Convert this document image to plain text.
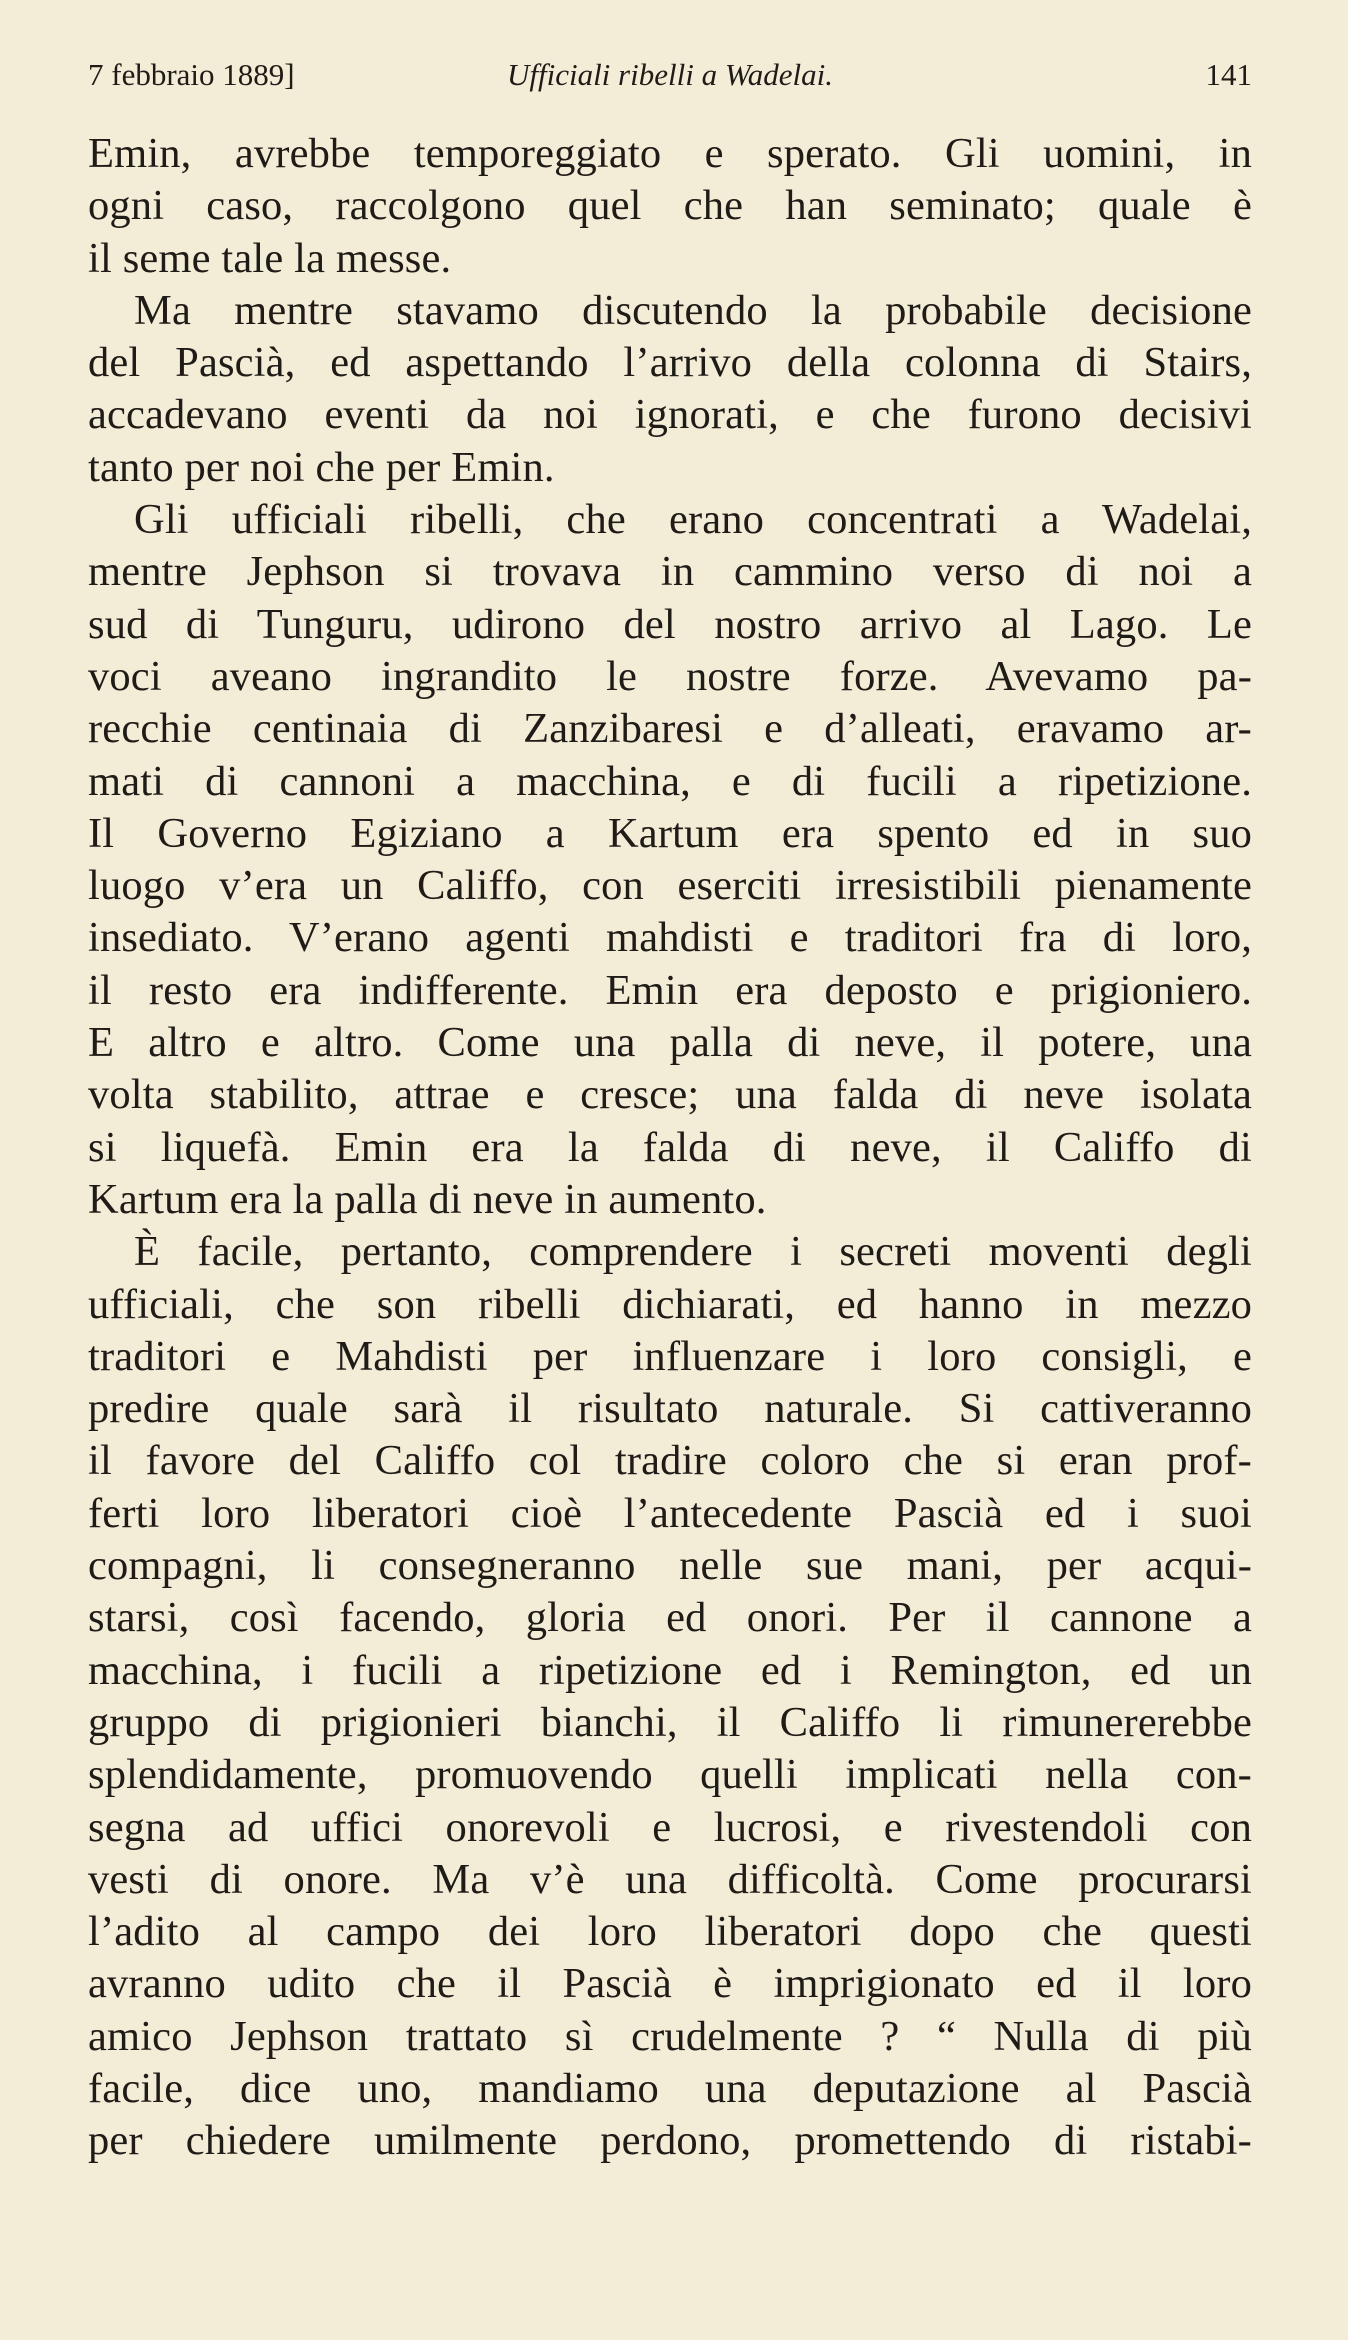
7 febbraio 1889]	Ufficiali ribelli a Wadelai.	141
Emin, avrebbe temporeggiato e sperato. Gli uomini, in
ogni caso, raccolgono quel che han seminato; quale è
il seme tale la messe.
Ma mentre stavamo discutendo la probabile decisione
del Pascià, ed aspettando l’arrivo della colonna di Stairs,
accadevano eventi da noi ignorati, e che furono decisivi
tanto per noi che per Emin.
Gli ufficiali ribelli, che erano concentrati a Wadelai,
mentre Jephson si trovava in cammino verso di noi a
sud di Tunguru, udirono del nostro arrivo al Lago. Le
voci aveano ingrandito le nostre forze. Avevamo pa-
recchie centinaia di Zanzibaresi e d’alleati, eravamo ar-
mati di cannoni a macchina, e di fucili a ripetizione.
Il Governo Egiziano a Kartum era spento ed in suo
luogo v’era un Califfo, con eserciti irresistibili pienamente
insediato. V’erano agenti mahdisti e traditori fra di loro,
il resto era indifferente. Emin era deposto e prigioniero.
E altro e altro. Come una palla di neve, il potere, una
volta stabilito, attrae e cresce; una falda di neve isolata
si liquefà. Emin era la falda di neve, il Califfo di
Kartum era la palla di neve in aumento.
È facile, pertanto, comprendere i secreti moventi degli
ufficiali, che son ribelli dichiarati, ed hanno in mezzo
traditori e Mahdisti per influenzare i loro consigli, e
predire quale sarà il risultato naturale. Si cattiveranno
il favore del Califfo col tradire coloro che si eran prof-
ferti loro liberatori cioè l’antecedente Pascià ed i suoi
compagni, li consegneranno nelle sue mani, per acqui-
starsi, così facendo, gloria ed onori. Per il cannone a
macchina, i fucili a ripetizione ed i Remington, ed un
gruppo di prigionieri bianchi, il Califfo li rimunererebbe
splendidamente, promuovendo quelli implicati nella con-
segna ad uffici onorevoli e lucrosi, e rivestendoli con
vesti di onore. Ma v’è una difficoltà. Come procurarsi
l’adito al campo dei loro liberatori dopo che questi
avranno udito che il Pascià è imprigionato ed il loro
amico Jephson trattato sì crudelmente ? “ Nulla di più
facile, dice uno, mandiamo una deputazione al Pascià
per chiedere umilmente perdono, promettendo di ristabi-
